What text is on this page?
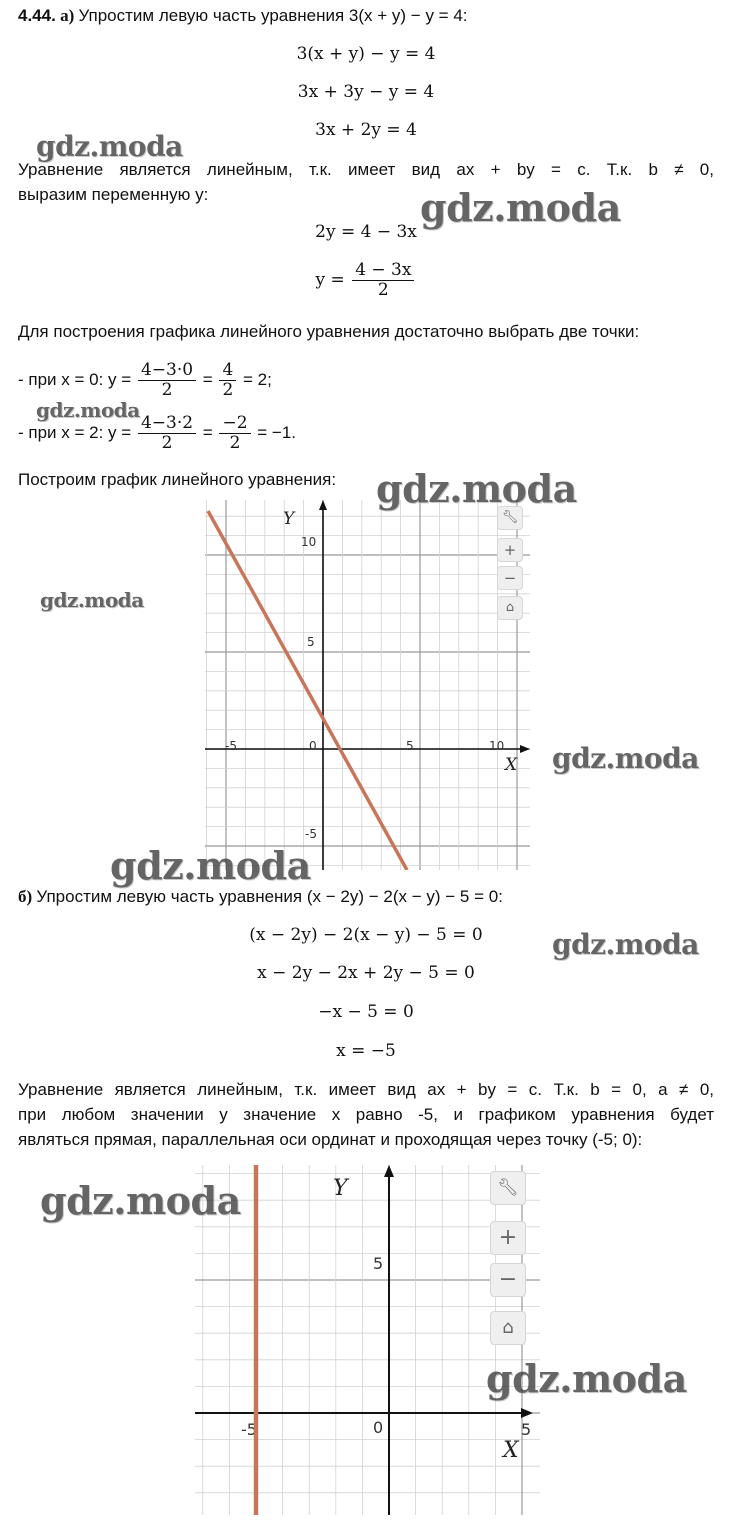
4.44. а) Упростим левую часть уравнения 3(x + y) − y = 4:
3(x + y) − y = 4
3x + 3y − y = 4
3x + 2y = 4
Уравнение является линейным, т.к. имеет вид ax + by = c. Т.к. b ≠ 0,
выразим переменную y:
2y = 4 − 3x
$y = \frac{4 - 3x}{2}$
Для построения графика линейного уравнения достаточно выбрать две точки:
- при x = 0: $y = \frac{4-3\cdot 0}{2} = \frac{4}{2} = 2$;
- при x = 2: $y = \frac{4-3\cdot 2}{2} = \frac{-2}{2} = -1$.
Построим график линейного уравнения:
Y
X
10
5
-5
-5	0	5	10
🔧︎
+
−
⌂
б) Упростим левую часть уравнения (x − 2y) − 2(x − y) − 5 = 0:
(x − 2y) − 2(x − y) − 5 = 0
x − 2y − 2x + 2y − 5 = 0
−x − 5 = 0
x = −5
Уравнение является линейным, т.к. имеет вид ax + by = c. Т.к. b = 0, a ≠ 0,
при любом значении y значение x равно -5, и графиком уравнения будет
являться прямая, параллельная оси ординат и проходящая через точку (-5; 0):
Y
X
5
-5	0	5
🔧︎
+
−
⌂
gdz.moda
gdz.moda
gdz.moda
gdz.moda
gdz.moda
gdz.moda
gdz.moda
gdz.moda
gdz.moda
gdz.moda
